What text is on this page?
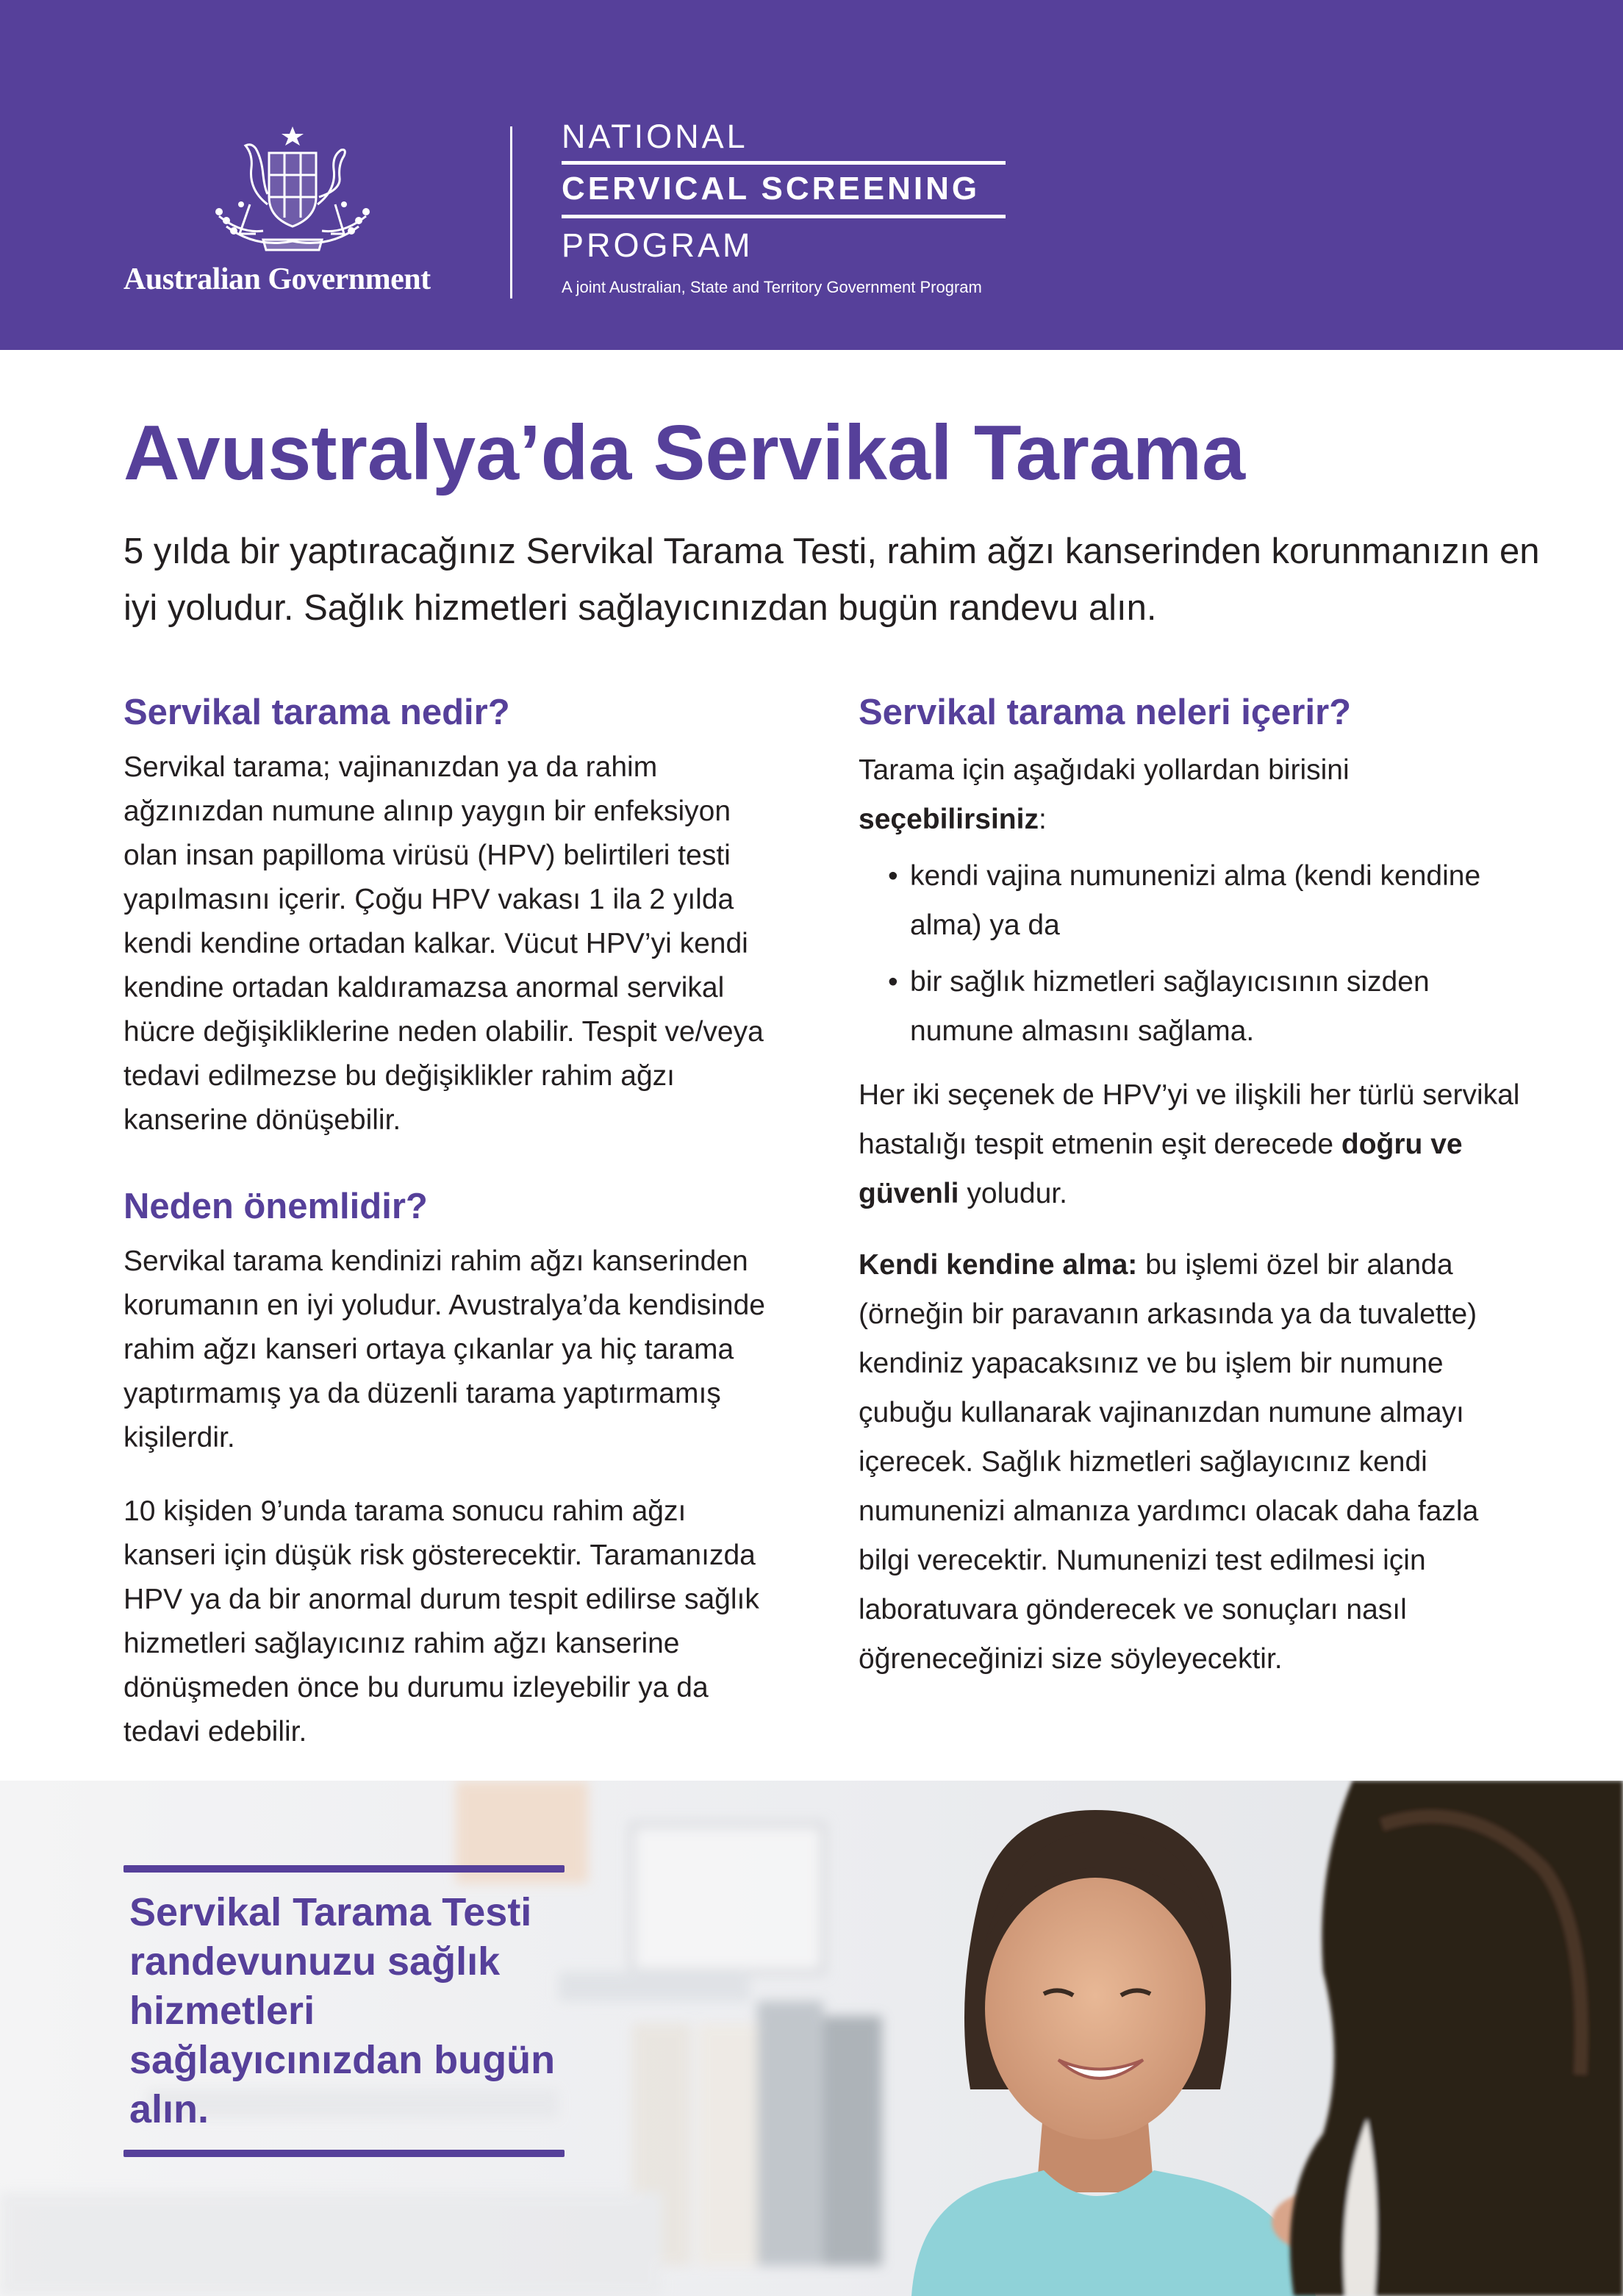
Australian Government
NATIONAL
CERVICAL SCREENING
PROGRAM
A joint Australian, State and Territory Government Program
Avustralya’da Servikal Tarama

5 yılda bir yaptıracağınız Servikal Tarama Testi, rahim ağzı kanserinden korunmanızın en iyi yoludur. Sağlık hizmetleri sağlayıcınızdan bugün randevu alın.

Servikal tarama nedir?

Servikal tarama; vajinanızdan ya da rahim ağzınızdan numune alınıp yaygın bir enfeksiyon olan insan papilloma virüsü (HPV) belirtileri testi yapılmasını içerir. Çoğu HPV vakası 1 ila 2 yılda kendi kendine ortadan kalkar. Vücut HPV’yi kendi kendine ortadan kaldıramazsa anormal servikal hücre değişikliklerine neden olabilir. Tespit ve/veya tedavi edilmezse bu değişiklikler rahim ağzı kanserine dönüşebilir.

Neden önemlidir?

Servikal tarama kendinizi rahim ağzı kanserinden korumanın en iyi yoludur. Avustralya’da kendisinde rahim ağzı kanseri ortaya çıkanlar ya hiç tarama yaptırmamış ya da düzenli tarama yaptırmamış kişilerdir.

10 kişiden 9’unda tarama sonucu rahim ağzı kanseri için düşük risk gösterecektir. Taramanızda HPV ya da bir anormal durum tespit edilirse sağlık hizmetleri sağlayıcınız rahim ağzı kanserine dönüşmeden önce bu durumu izleyebilir ya da tedavi edebilir.

Servikal tarama neleri içerir?

Tarama için aşağıdaki yollardan birisini seçebilirsiniz:

• kendi vajina numunenizi alma (kendi kendine alma) ya da
• bir sağlık hizmetleri sağlayıcısının sizden numune almasını sağlama.

Her iki seçenek de HPV’yi ve ilişkili her türlü servikal hastalığı tespit etmenin eşit derecede doğru ve güvenli yoludur.

Kendi kendine alma: bu işlemi özel bir alanda (örneğin bir paravanın arkasında ya da tuvalette) kendiniz yapacaksınız ve bu işlem bir numune çubuğu kullanarak vajinanızdan numune almayı içerecek. Sağlık hizmetleri sağlayıcınız kendi numunenizi almanıza yardımcı olacak daha fazla bilgi verecektir. Numunenizi test edilmesi için laboratuvara gönderecek ve sonuçları nasıl öğreneceğinizi size söyleyecektir.

Servikal Tarama Testi randevunuzu sağlık hizmetleri sağlayıcınızdan bugün alın.
